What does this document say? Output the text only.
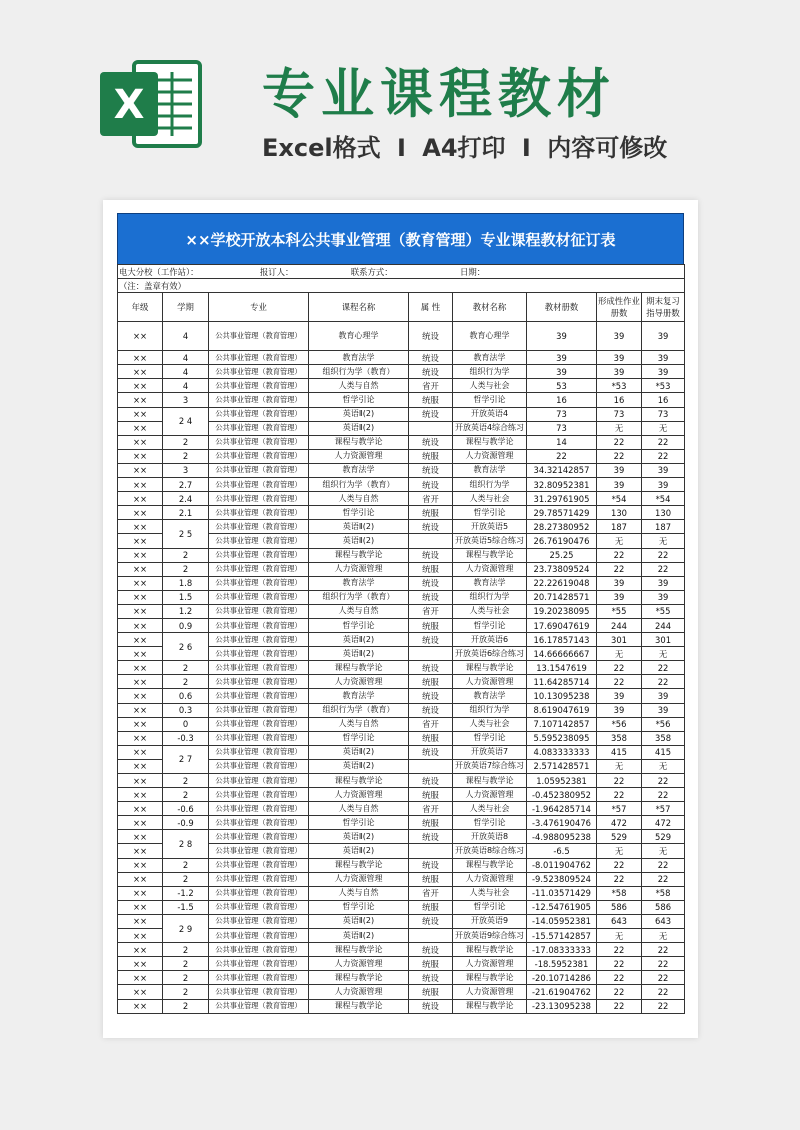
X 专业课程教材
Excel格式 I A4打印 I 内容可修改
××学校开放本科公共事业管理（教育管理）专业课程教材征订表
电大分校（工作站）： 报订人： 联系方式： 日期：								
（注：盖章有效）								
年级	学期	专业	课程名称	属 性	教材名称	教材册数	形成性作业册数	期末复习指导册数
××	4	公共事业管理（教育管理）	教育心理学	统设	教育心理学	39	39	39
××	4	公共事业管理（教育管理）	教育法学	统设	教育法学	39	39	39
××	4	公共事业管理（教育管理）	组织行为学（教育）	统设	组织行为学	39	39	39
××	4	公共事业管理（教育管理）	人类与自然	省开	人类与社会	53	*53	*53
××	3	公共事业管理（教育管理）	哲学引论	统服	哲学引论	16	16	16
××	2 4	公共事业管理（教育管理）	英语Ⅱ(2)	统设	开放英语4	73	73	73
××		公共事业管理（教育管理）	英语Ⅱ(2)		开放英语4综合练习	73	无	无
××	2	公共事业管理（教育管理）	课程与教学论	统设	课程与教学论	14	22	22
××	2	公共事业管理（教育管理）	人力资源管理	统服	人力资源管理	22	22	22
××	3	公共事业管理（教育管理）	教育法学	统设	教育法学	34.32142857	39	39
××	2.7	公共事业管理（教育管理）	组织行为学（教育）	统设	组织行为学	32.80952381	39	39
××	2.4	公共事业管理（教育管理）	人类与自然	省开	人类与社会	31.29761905	*54	*54
××	2.1	公共事业管理（教育管理）	哲学引论	统服	哲学引论	29.78571429	130	130
××	2 5	公共事业管理（教育管理）	英语Ⅱ(2)	统设	开放英语5	28.27380952	187	187
××		公共事业管理（教育管理）	英语Ⅱ(2)		开放英语5综合练习	26.76190476	无	无
××	2	公共事业管理（教育管理）	课程与教学论	统设	课程与教学论	25.25	22	22
××	2	公共事业管理（教育管理）	人力资源管理	统服	人力资源管理	23.73809524	22	22
××	1.8	公共事业管理（教育管理）	教育法学	统设	教育法学	22.22619048	39	39
××	1.5	公共事业管理（教育管理）	组织行为学（教育）	统设	组织行为学	20.71428571	39	39
××	1.2	公共事业管理（教育管理）	人类与自然	省开	人类与社会	19.20238095	*55	*55
××	0.9	公共事业管理（教育管理）	哲学引论	统服	哲学引论	17.69047619	244	244
××	2 6	公共事业管理（教育管理）	英语Ⅱ(2)	统设	开放英语6	16.17857143	301	301
××		公共事业管理（教育管理）	英语Ⅱ(2)		开放英语6综合练习	14.66666667	无	无
××	2	公共事业管理（教育管理）	课程与教学论	统设	课程与教学论	13.1547619	22	22
××	2	公共事业管理（教育管理）	人力资源管理	统服	人力资源管理	11.64285714	22	22
××	0.6	公共事业管理（教育管理）	教育法学	统设	教育法学	10.13095238	39	39
××	0.3	公共事业管理（教育管理）	组织行为学（教育）	统设	组织行为学	8.619047619	39	39
××	0	公共事业管理（教育管理）	人类与自然	省开	人类与社会	7.107142857	*56	*56
××	-0.3	公共事业管理（教育管理）	哲学引论	统服	哲学引论	5.595238095	358	358
××	2 7	公共事业管理（教育管理）	英语Ⅱ(2)	统设	开放英语7	4.083333333	415	415
××		公共事业管理（教育管理）	英语Ⅱ(2)		开放英语7综合练习	2.571428571	无	无
××	2	公共事业管理（教育管理）	课程与教学论	统设	课程与教学论	1.05952381	22	22
××	2	公共事业管理（教育管理）	人力资源管理	统服	人力资源管理	-0.452380952	22	22
××	-0.6	公共事业管理（教育管理）	人类与自然	省开	人类与社会	-1.964285714	*57	*57
××	-0.9	公共事业管理（教育管理）	哲学引论	统服	哲学引论	-3.476190476	472	472
××	2 8	公共事业管理（教育管理）	英语Ⅱ(2)	统设	开放英语8	-4.988095238	529	529
××		公共事业管理（教育管理）	英语Ⅱ(2)		开放英语8综合练习	-6.5	无	无
××	2	公共事业管理（教育管理）	课程与教学论	统设	课程与教学论	-8.011904762	22	22
××	2	公共事业管理（教育管理）	人力资源管理	统服	人力资源管理	-9.523809524	22	22
××	-1.2	公共事业管理（教育管理）	人类与自然	省开	人类与社会	-11.03571429	*58	*58
××	-1.5	公共事业管理（教育管理）	哲学引论	统服	哲学引论	-12.54761905	586	586
××	2 9	公共事业管理（教育管理）	英语Ⅱ(2)	统设	开放英语9	-14.05952381	643	643
××		公共事业管理（教育管理）	英语Ⅱ(2)		开放英语9综合练习	-15.57142857	无	无
××	2	公共事业管理（教育管理）	课程与教学论	统设	课程与教学论	-17.08333333	22	22
××	2	公共事业管理（教育管理）	人力资源管理	统服	人力资源管理	-18.5952381	22	22
××	2	公共事业管理（教育管理）	课程与教学论	统设	课程与教学论	-20.10714286	22	22
××	2	公共事业管理（教育管理）	人力资源管理	统服	人力资源管理	-21.61904762	22	22
××	2	公共事业管理（教育管理）	课程与教学论	统设	课程与教学论	-23.13095238	22	22
